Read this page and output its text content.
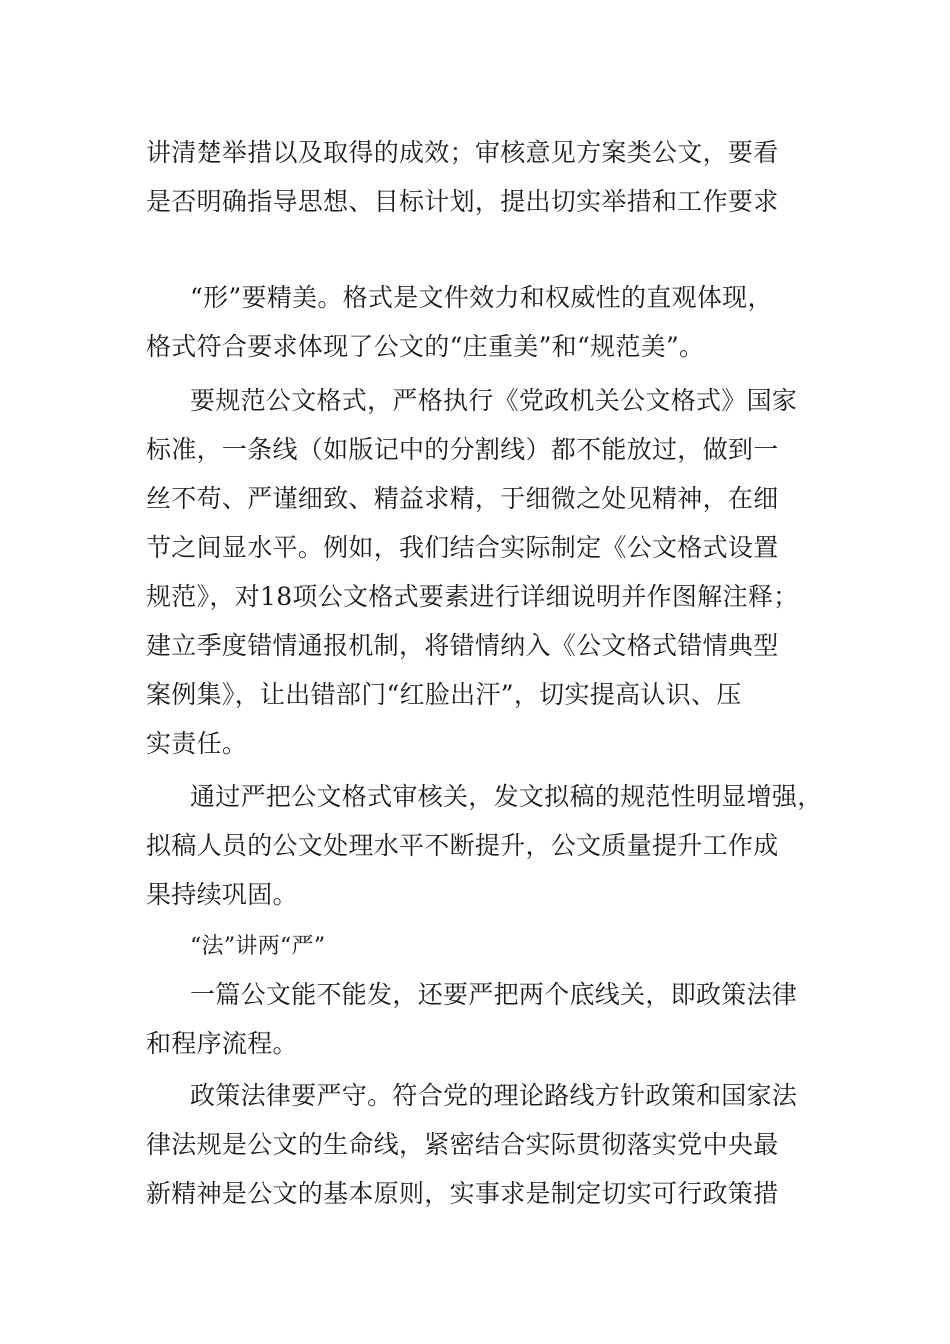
讲清楚举措以及取得的成效；审核意见方案类公文，要看
是否明确指导思想、目标计划，提出切实举措和工作要求
“形”要精美。格式是文件效力和权威性的直观体现，
格式符合要求体现了公文的“庄重美”和“规范美”。
要规范公文格式，严格执行《党政机关公文格式》国家
标准，一条线（如版记中的分割线）都不能放过，做到一
丝不苟、严谨细致、精益求精，于细微之处见精神，在细
节之间显水平。例如，我们结合实际制定《公文格式设置
规范》，对18项公文格式要素进行详细说明并作图解注释；
建立季度错情通报机制，将错情纳入《公文格式错情典型
案例集》，让出错部门“红脸出汗”，切实提高认识、压
实责任。
通过严把公文格式审核关，发文拟稿的规范性明显增强，
拟稿人员的公文处理水平不断提升，公文质量提升工作成
果持续巩固。
“法”讲两“严”
一篇公文能不能发，还要严把两个底线关，即政策法律
和程序流程。
政策法律要严守。符合党的理论路线方针政策和国家法
律法规是公文的生命线，紧密结合实际贯彻落实党中央最
新精神是公文的基本原则，实事求是制定切实可行政策措
